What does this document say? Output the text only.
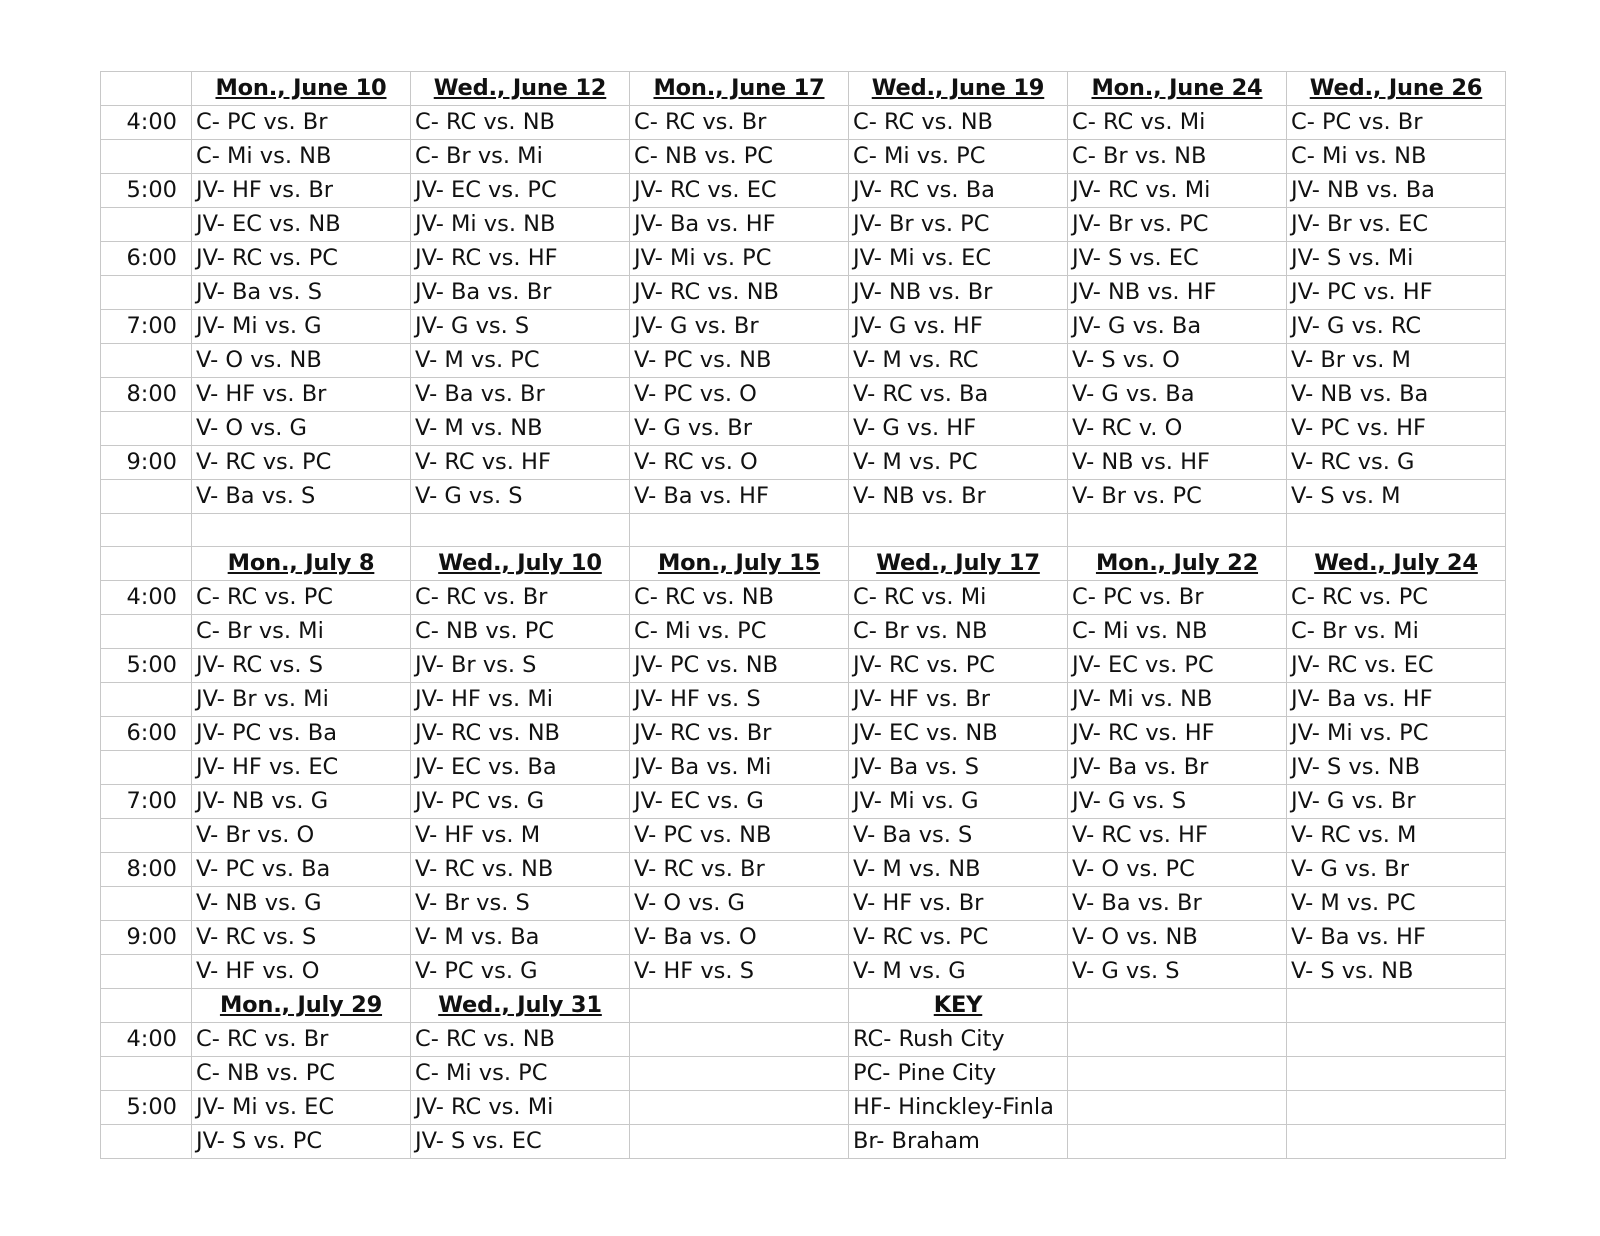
	Mon., June 10	Wed., June 12	Mon., June 17	Wed., June 19	Mon., June 24	Wed., June 26
4:00	C- PC vs. Br	C- RC vs. NB	C- RC vs. Br	C- RC vs. NB	C- RC vs. Mi	C- PC vs. Br
	C- Mi vs. NB	C- Br vs. Mi	C- NB vs. PC	C- Mi vs. PC	C- Br vs. NB	C- Mi vs. NB
5:00	JV- HF vs. Br	JV- EC vs. PC	JV- RC vs. EC	JV- RC vs. Ba	JV- RC vs. Mi	JV- NB vs. Ba
	JV- EC vs. NB	JV- Mi vs. NB	JV- Ba vs. HF	JV- Br vs. PC	JV- Br vs. PC	JV- Br vs. EC
6:00	JV- RC vs. PC	JV- RC vs. HF	JV- Mi vs. PC	JV- Mi vs. EC	JV- S vs. EC	JV- S vs. Mi
	JV- Ba vs. S	JV- Ba vs. Br	JV- RC vs. NB	JV- NB vs. Br	JV- NB vs. HF	JV- PC vs. HF
7:00	JV- Mi vs. G	JV- G vs. S	JV- G vs. Br	JV- G vs. HF	JV- G vs. Ba	JV- G vs. RC
	V- O vs. NB	V- M vs. PC	V- PC vs. NB	V- M vs. RC	V- S vs. O	V- Br vs. M
8:00	V- HF vs. Br	V- Ba vs. Br	V- PC vs. O	V- RC vs. Ba	V- G vs. Ba	V- NB vs. Ba
	V- O vs. G	V- M vs. NB	V- G vs. Br	V- G vs. HF	V- RC v. O	V- PC vs. HF
9:00	V- RC vs. PC	V- RC vs. HF	V- RC vs. O	V- M vs. PC	V- NB vs. HF	V- RC vs. G
	V- Ba vs. S	V- G vs. S	V- Ba vs. HF	V- NB vs. Br	V- Br vs. PC	V- S vs. M

	Mon., July 8	Wed., July 10	Mon., July 15	Wed., July 17	Mon., July 22	Wed., July 24
4:00	C- RC vs. PC	C- RC vs. Br	C- RC vs. NB	C- RC vs. Mi	C- PC vs. Br	C- RC vs. PC
	C- Br vs. Mi	C- NB vs. PC	C- Mi vs. PC	C- Br vs. NB	C- Mi vs. NB	C- Br vs. Mi
5:00	JV- RC vs. S	JV- Br vs. S	JV- PC vs. NB	JV- RC vs. PC	JV- EC vs. PC	JV- RC vs. EC
	JV- Br vs. Mi	JV- HF vs. Mi	JV- HF vs. S	JV- HF vs. Br	JV- Mi vs. NB	JV- Ba vs. HF
6:00	JV- PC vs. Ba	JV- RC vs. NB	JV- RC vs. Br	JV- EC vs. NB	JV- RC vs. HF	JV- Mi vs. PC
	JV- HF vs. EC	JV- EC vs. Ba	JV- Ba vs. Mi	JV- Ba vs. S	JV- Ba vs. Br	JV- S vs. NB
7:00	JV- NB vs. G	JV- PC vs. G	JV- EC vs. G	JV- Mi vs. G	JV- G vs. S	JV- G vs. Br
	V- Br vs. O	V- HF vs. M	V- PC vs. NB	V- Ba vs. S	V- RC vs. HF	V- RC vs. M
8:00	V- PC vs. Ba	V- RC vs. NB	V- RC vs. Br	V- M vs. NB	V- O vs. PC	V- G vs. Br
	V- NB vs. G	V- Br vs. S	V- O vs. G	V- HF vs. Br	V- Ba vs. Br	V- M vs. PC
9:00	V- RC vs. S	V- M vs. Ba	V- Ba vs. O	V- RC vs. PC	V- O vs. NB	V- Ba vs. HF
	V- HF vs. O	V- PC vs. G	V- HF vs. S	V- M vs. G	V- G vs. S	V- S vs. NB
	Mon., July 29	Wed., July 31		KEY		
4:00	C- RC vs. Br	C- RC vs. NB		RC- Rush City		
	C- NB vs. PC	C- Mi vs. PC		PC- Pine City		
5:00	JV- Mi vs. EC	JV- RC vs. Mi		HF- Hinckley-Finla		
	JV- S vs. PC	JV- S vs. EC		Br- Braham		
